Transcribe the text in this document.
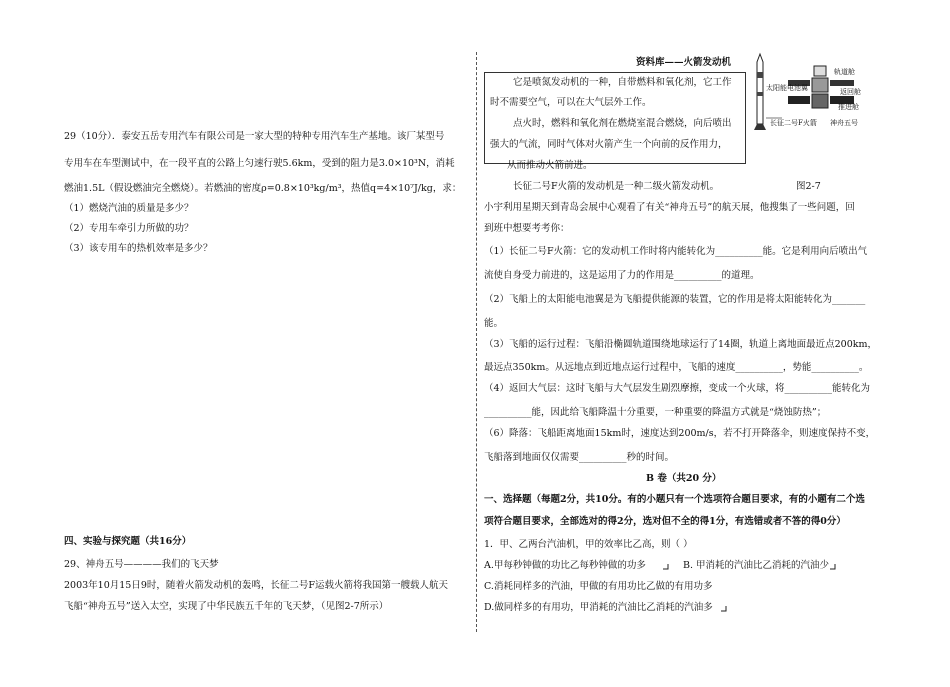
29（10分）．泰安五岳专用汽车有限公司是一家大型的特种专用汽车生产基地。该厂某型号
专用车在车型测试中，在一段平直的公路上匀速行驶5.6km，受到的阻力是3.0×10³N，消耗
燃油1.5L（假设燃油完全燃烧）。若燃油的密度ρ=0.8×10³kg/m³，热值q=4×10⁷J/kg，求：
（1）燃烧汽油的质量是多少？
（2）专用车牵引力所做的功？
（3）该专用车的热机效率是多少？
四、实验与探究题（共16分）
29、神舟五号————我们的飞天梦
2003年10月15日9时，随着火箭发动机的轰鸣，长征二号F运载火箭将我国第一艘载人航天
飞船“神舟五号”送入太空，实现了中华民族五千年的飞天梦，（见图2-7所示）
资料库——火箭发动机
它是喷氮发动机的一种，自带燃料和氧化剂，它工作
时不需要空气，可以在大气层外工作。
点火时，燃料和氧化剂在燃烧室混合燃烧，向后喷出
强大的气流，同时气体对火箭产生一个向前的反作用力，
从而推动火箭前进。
轨道舱
太阳能电池翼	返回舱
推进舱
长征二号F火箭 神舟五号
长征二号F火箭的发动机是一种二级火箭发动机。	图2-7
小宇利用星期天到青岛会展中心观看了有关“神舟五号”的航天展，他搜集了一些问题，回
到班中想要考考你：
（1）长征二号F火箭：它的发动机工作时将内能转化为__________能。它是利用向后喷出气
流使自身受力前进的，这是运用了力的作用是__________的道理。
（2）飞船上的太阳能电池翼是为飞船提供能源的装置，它的作用是将太阳能转化为_______
能。
（3）飞船的运行过程：飞船沿椭圆轨道围绕地球运行了14圈，轨道上离地面最近点200km，
最远点350km。从远地点到近地点运行过程中，飞船的速度__________，势能__________。
（4）返回大气层：这时飞船与大气层发生剧烈摩擦，变成一个火球，将__________能转化为
__________能，因此给飞船降温十分重要，一种重要的降温方式就是“烧蚀防热”；
（6）降落：飞船距离地面15km时，速度达到200m/s，若不打开降落伞，则速度保持不变，
飞船落到地面仅仅需要__________秒的时间。
B 卷（共20 分）
一、选择题（每题2分，共10分。有的小题只有一个选项符合题目要求，有的小题有二个选
项符合题目要求，全部选对的得2分，选对但不全的得1分，有选错或者不答的得0分）
1．甲、乙两台汽油机，甲的效率比乙高，则（ ）
A.甲每秒钟做的功比乙每秒钟做的功多	B. 甲消耗的汽油比乙消耗的汽油少
C.消耗同样多的汽油，甲做的有用功比乙做的有用功多
D.做同样多的有用功，甲消耗的汽油比乙消耗的汽油多
